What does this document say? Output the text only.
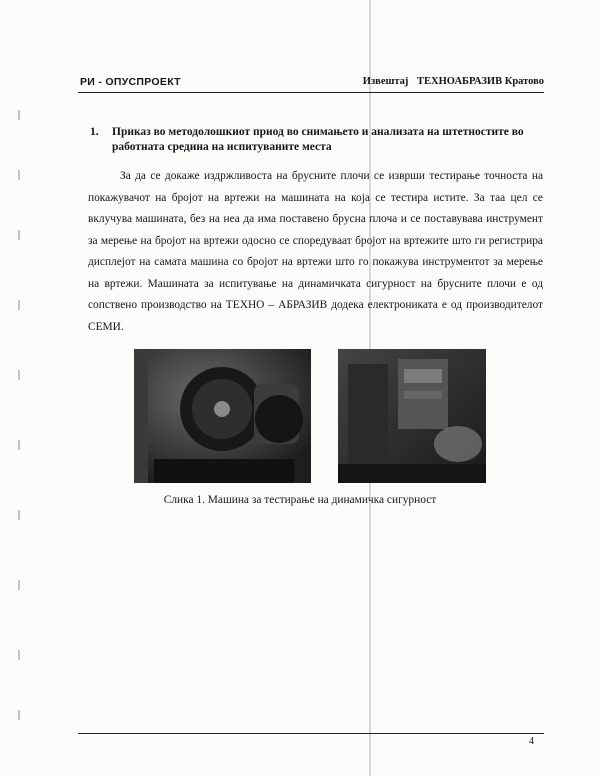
РИ - ОПУСПРОЕКТ	Извештај ТЕХНОАБРАЗИВ Кратово
1. Приказ во методолошкиот приод во снимањето и анализата на штетностите во работната средина на испитуваните места

За да се докаже издржливоста на брусните плочи се изврши тестирање точноста на покажувачот на бројот на вртежи на машината на која се тестира истите. За таа цел се вклучува машината, без на неа да има поставено брусна плоча и се поставувава инструмент за мерење на бројот на вртежи одосно се споредуваат бројот на вртежите што ги регистрира дисплејот на самата машина со бројот на вртежи што го покажува инструментот за мерење на вртежи. Машината за испитување на динамичката сигурност на брусните плочи е од сопствено производство на ТЕХНО – АБРАЗИВ додека електрониката е од производителот СЕМИ.

Слика 1. Машина за тестирање на динамичка сигурност
4
